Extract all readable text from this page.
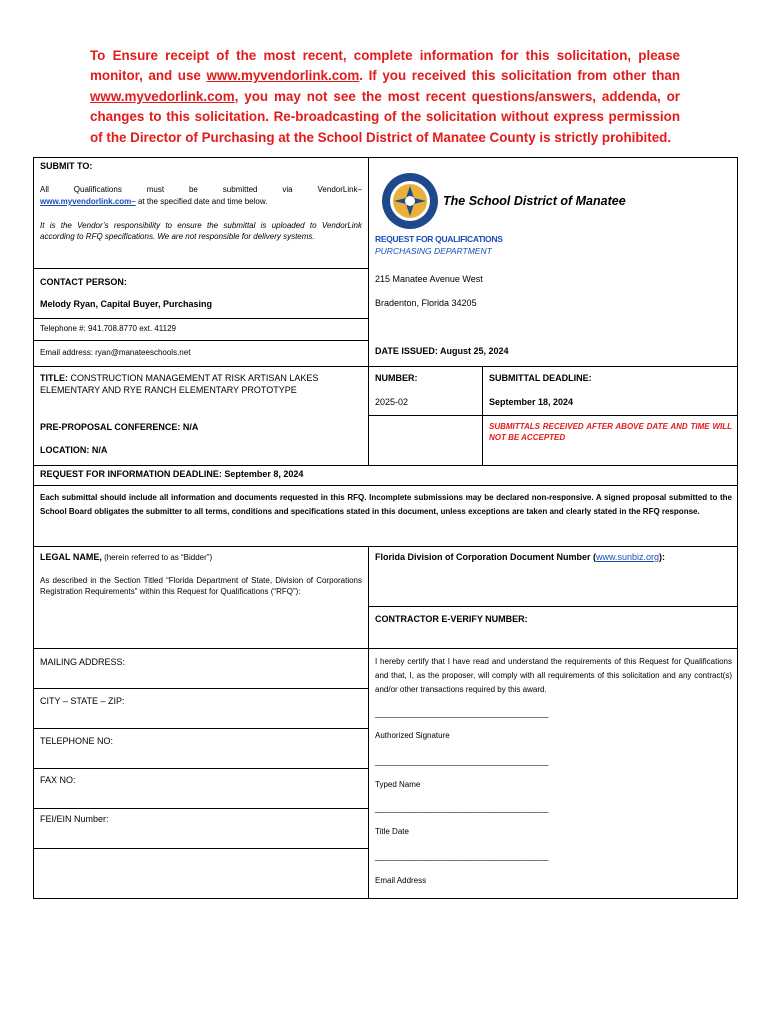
To Ensure receipt of the most recent, complete information for this solicitation, please monitor, and use www.myvendorlink.com. If you received this solicitation from other than www.myvedorlink.com, you may not see the most recent questions/answers, addenda, or changes to this solicitation. Re-broadcasting of the solicitation without express permission of the Director of Purchasing at the School District of Manatee County is strictly prohibited.
SUBMIT TO:
All Qualifications must be submitted via VendorLink–
www.myvendorlink.com– at the specified date and time below.
It is the Vendor’s responsibility to ensure the submittal is uploaded to VendorLink according to RFQ specifications. We are not responsible for delivery systems.
The School District of Manatee
REQUEST FOR QUALIFICATIONS
PURCHASING DEPARTMENT
215 Manatee Avenue West
Bradenton, Florida 34205
CONTACT PERSON:
Melody Ryan, Capital Buyer, Purchasing
Telephone #: 941.708.8770 ext. 41129
Email address: ryan@manateeschools.net	DATE ISSUED: August 25, 2024
TITLE: CONSTRUCTION MANAGEMENT AT RISK ARTISAN LAKES ELEMENTARY AND RYE RANCH ELEMENTARY PROTOTYPE
NUMBER:
2025-02
SUBMITTAL DEADLINE:
September 18, 2024
SUBMITTALS RECEIVED AFTER ABOVE DATE AND TIME WILL NOT BE ACCEPTED
PRE-PROPOSAL CONFERENCE: N/A
LOCATION: N/A
REQUEST FOR INFORMATION DEADLINE: September 8, 2024
Each submittal should include all information and documents requested in this RFQ. Incomplete submissions may be declared non-responsive. A signed proposal submitted to the School Board obligates the submitter to all terms, conditions and specifications stated in this document, unless exceptions are taken and clearly stated in the RFQ response.
LEGAL NAME, (herein referred to as “Bidder”)
As described in the Section Titled “Florida Department of State, Division of Corporations Registration Requirements” within this Request for Qualifications (“RFQ”):
Florida Division of Corporation Document Number (www.sunbiz.org):
CONTRACTOR E-VERIFY NUMBER:
MAILING ADDRESS:
CITY – STATE – ZIP:
TELEPHONE NO:
FAX NO:
FEI/EIN Number:
I hereby certify that I have read and understand the requirements of this Request for Qualifications and that, I, as the proposer, will comply with all requirements of this solicitation and any contract(s) and/or other transactions required by this award.
_______________________________________
Authorized Signature
_______________________________________
Typed Name
_______________________________________
Title Date
_______________________________________
Email Address
